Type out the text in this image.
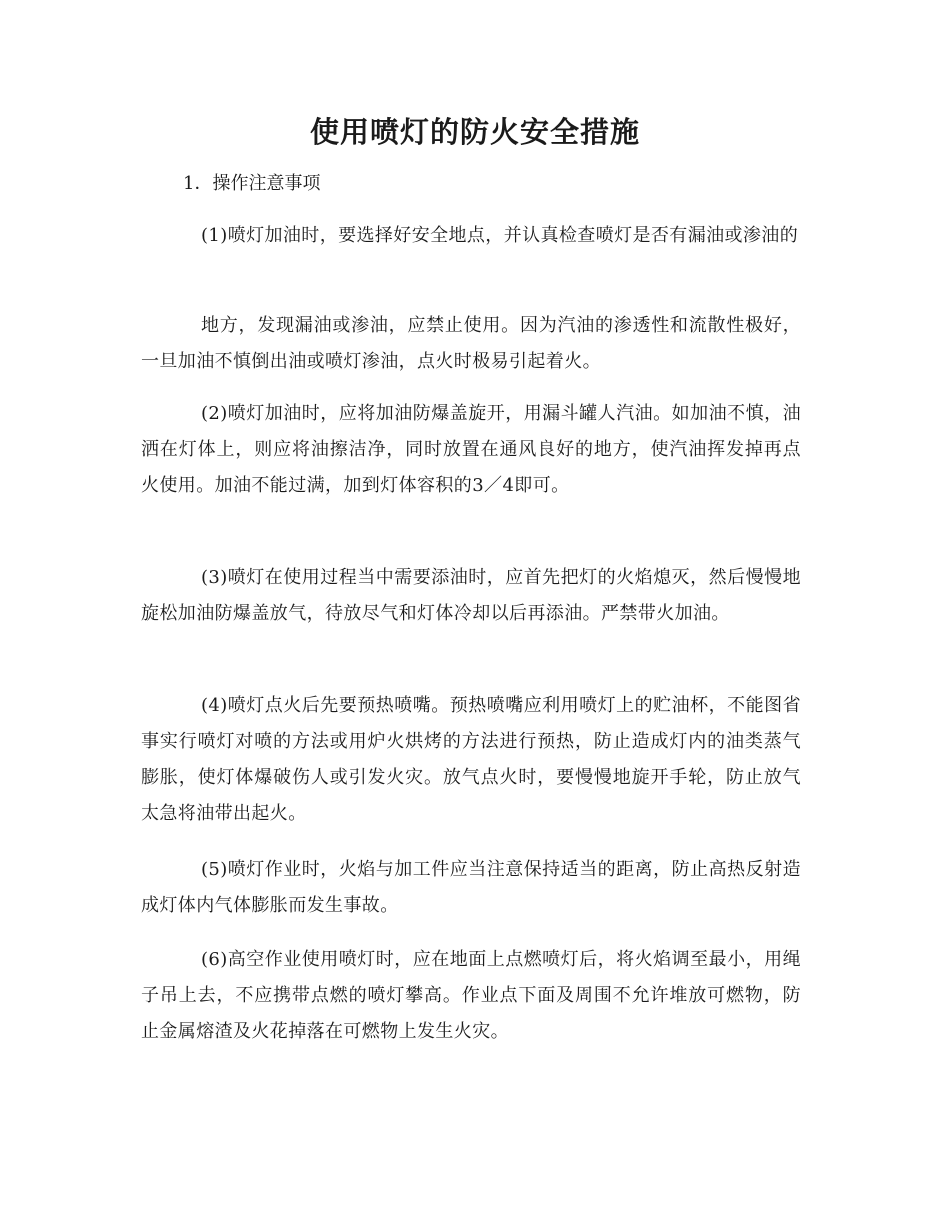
使用喷灯的防火安全措施
1．操作注意事项

(1)喷灯加油时，要选择好安全地点，并认真检查喷灯是否有漏油或渗油的

地方，发现漏油或渗油，应禁止使用。因为汽油的渗透性和流散性极好，一旦加油不慎倒出油或喷灯渗油，点火时极易引起着火。

(2)喷灯加油时，应将加油防爆盖旋开，用漏斗罐人汽油。如加油不慎，油洒在灯体上，则应将油擦洁净，同时放置在通风良好的地方，使汽油挥发掉再点火使用。加油不能过满，加到灯体容积的3／4即可。

(3)喷灯在使用过程当中需要添油时，应首先把灯的火焰熄灭，然后慢慢地旋松加油防爆盖放气，待放尽气和灯体冷却以后再添油。严禁带火加油。

(4)喷灯点火后先要预热喷嘴。预热喷嘴应利用喷灯上的贮油杯，不能图省事实行喷灯对喷的方法或用炉火烘烤的方法进行预热，防止造成灯内的油类蒸气膨胀，使灯体爆破伤人或引发火灾。放气点火时，要慢慢地旋开手轮，防止放气太急将油带出起火。

(5)喷灯作业时，火焰与加工件应当注意保持适当的距离，防止高热反射造成灯体内气体膨胀而发生事故。

(6)高空作业使用喷灯时，应在地面上点燃喷灯后，将火焰调至最小，用绳子吊上去，不应携带点燃的喷灯攀高。作业点下面及周围不允许堆放可燃物，防止金属熔渣及火花掉落在可燃物上发生火灾。
